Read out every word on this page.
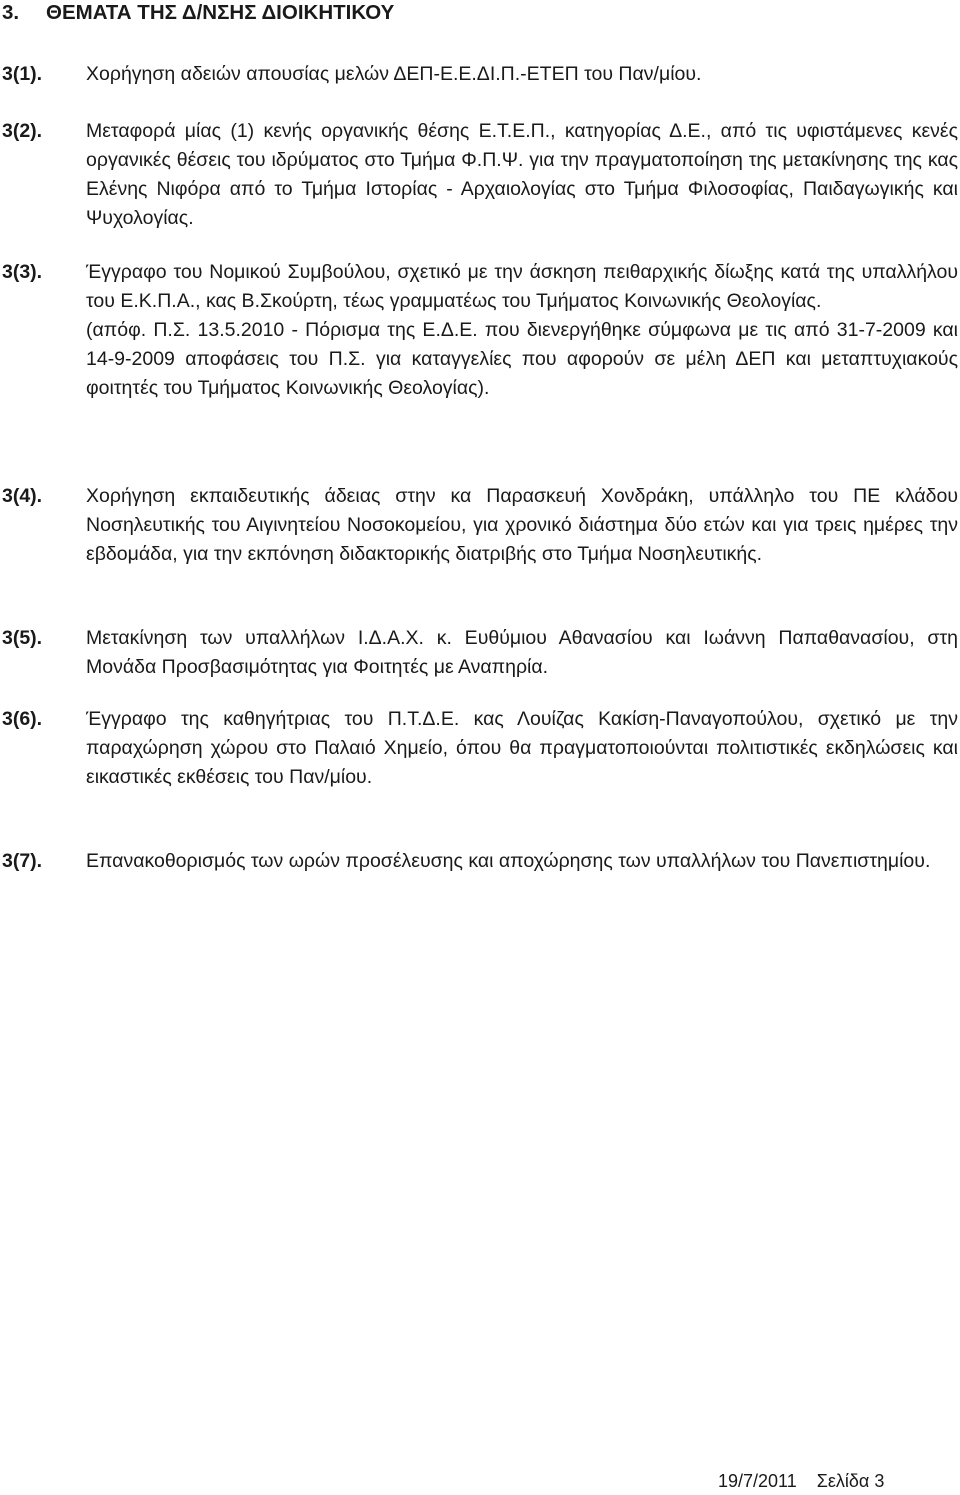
3. ΘΕΜΑΤΑ ΤΗΣ Δ/ΝΣΗΣ ΔΙΟΙΚΗΤΙΚΟΥ
3(1). Χορήγηση αδειών απουσίας μελών ΔΕΠ-Ε.Ε.ΔΙ.Π.-ΕΤΕΠ του Παν/μίου.

3(2). Μεταφορά μίας (1) κενής οργανικής θέσης Ε.Τ.Ε.Π., κατηγορίας Δ.Ε., από τις υφιστάμενες κενές οργανικές θέσεις του ιδρύματος στο Τμήμα Φ.Π.Ψ. για την πραγματοποίηση της μετακίνησης της κας Ελένης Νιφόρα από το Τμήμα Ιστορίας - Αρχαιολογίας στο Τμήμα Φιλοσοφίας, Παιδαγωγικής και Ψυχολογίας.

3(3). Έγγραφο του Νομικού Συμβούλου, σχετικό με την άσκηση πειθαρχικής δίωξης κατά της υπαλλήλου του Ε.Κ.Π.Α., κας Β.Σκούρτη, τέως γραμματέως του Τμήματος Κοινωνικής Θεολογίας.

(απόφ. Π.Σ. 13.5.2010 - Πόρισμα της Ε.Δ.Ε. που διενεργήθηκε σύμφωνα με τις από 31-7-2009 και 14-9-2009 αποφάσεις του Π.Σ. για καταγγελίες που αφορούν σε μέλη ΔΕΠ και μεταπτυχιακούς φοιτητές του Τμήματος Κοινωνικής Θεολογίας).

3(4). Χορήγηση εκπαιδευτικής άδειας στην κα Παρασκευή Χονδράκη, υπάλληλο του ΠΕ κλάδου Νοσηλευτικής του Αιγινητείου Νοσοκομείου, για χρονικό διάστημα δύο ετών και για τρεις ημέρες την εβδομάδα, για την εκπόνηση διδακτορικής διατριβής στο Τμήμα Νοσηλευτικής.

3(5). Μετακίνηση των υπαλλήλων Ι.Δ.Α.Χ. κ. Ευθύμιου Αθανασίου και Ιωάννη Παπαθανασίου, στη Μονάδα Προσβασιμότητας για Φοιτητές με Αναπηρία.

3(6). Έγγραφο της καθηγήτριας του Π.Τ.Δ.Ε. κας Λουίζας Κακίση-Παναγοπούλου, σχετικό με την παραχώρηση χώρου στο Παλαιό Χημείο, όπου θα πραγματοποιούνται πολιτιστικές εκδηλώσεις και εικαστικές εκθέσεις του Παν/μίου.

3(7). Επανακοθορισμός των ωρών προσέλευσης και αποχώρησης των υπαλλήλων του Πανεπιστημίου.

19/7/2011 Σελίδα 3
